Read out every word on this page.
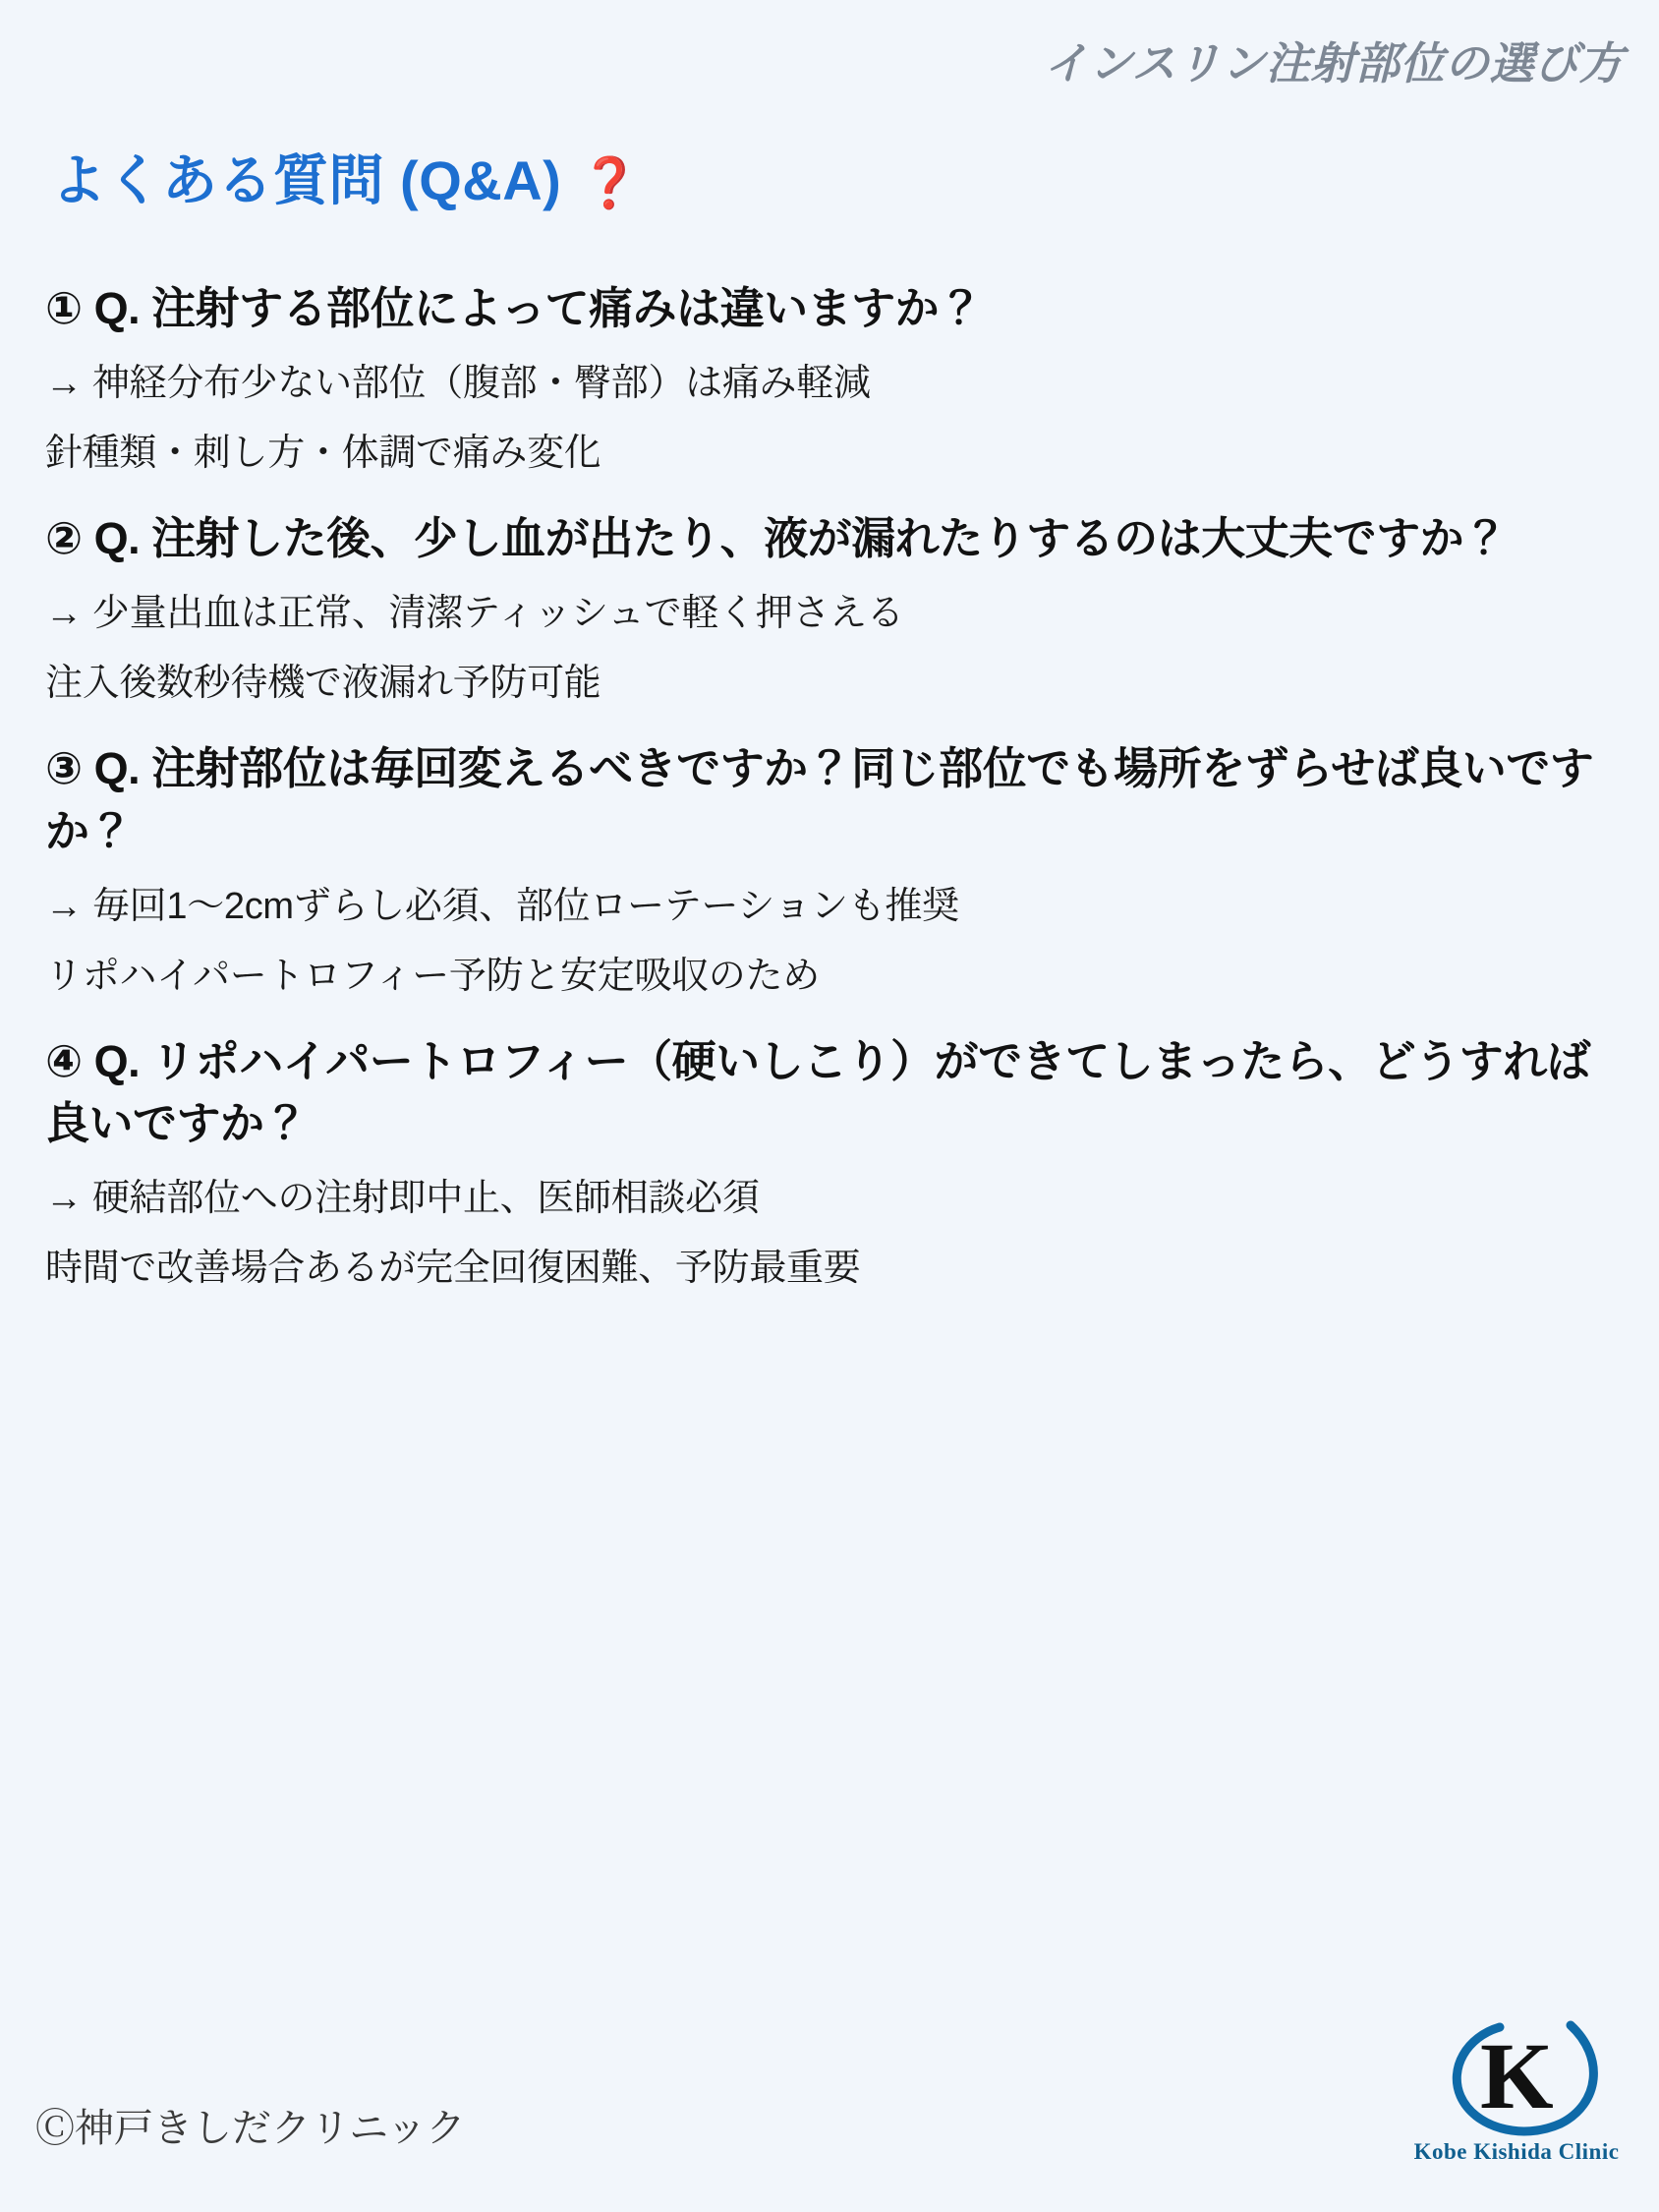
インスリン注射部位の選び方
よくある質問 (Q&A) ❓

① Q. 注射する部位によって痛みは違いますか？

→ 神経分布少ない部位（腹部・臀部）は痛み軽減

針種類・刺し方・体調で痛み変化

② Q. 注射した後、少し血が出たり、液が漏れたりするのは大丈夫ですか？

→ 少量出血は正常、清潔ティッシュで軽く押さえる

注入後数秒待機で液漏れ予防可能

③ Q. 注射部位は毎回変えるべきですか？同じ部位でも場所をずらせば良いですか？

→ 毎回1〜2cmずらし必須、部位ローテーションも推奨

リポハイパートロフィー予防と安定吸収のため

④ Q. リポハイパートロフィー（硬いしこり）ができてしまったら、どうすれば良いですか？

→ 硬結部位への注射即中止、医師相談必須

時間で改善場合あるが完全回復困難、予防最重要

Ⓒ神戸きしだクリニック	K
Kobe Kishida Clinic
